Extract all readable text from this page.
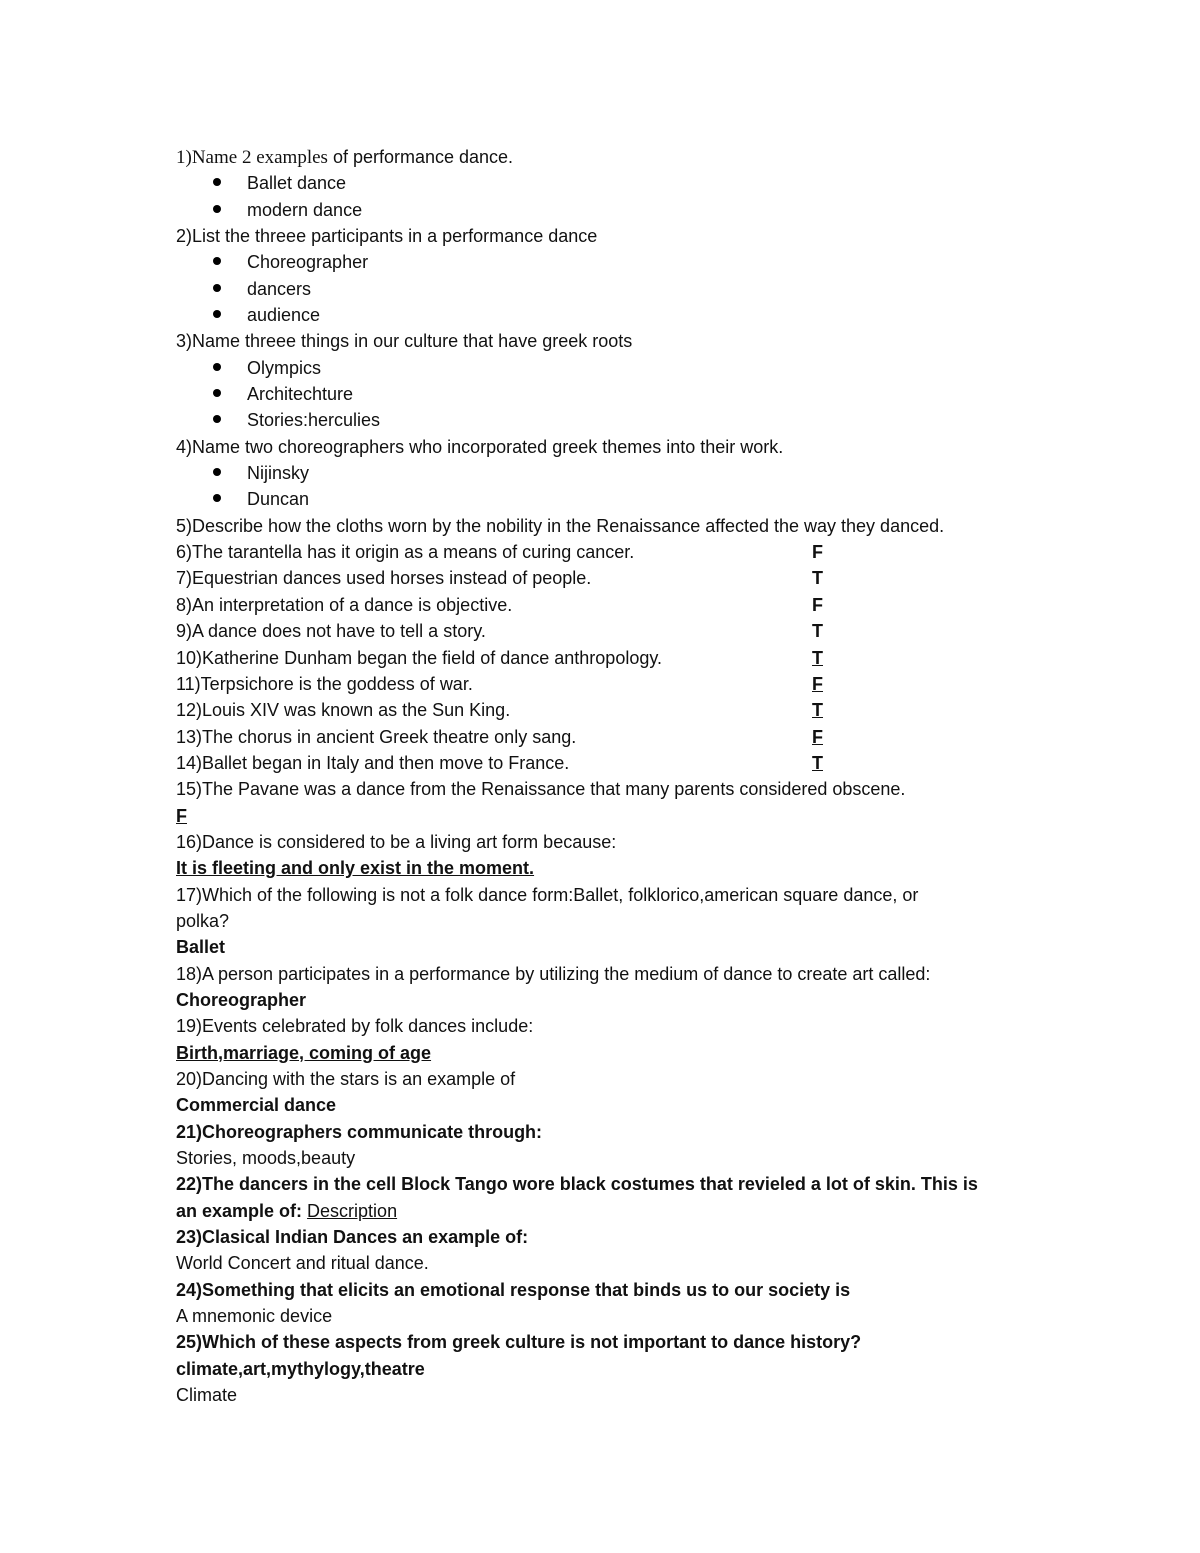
1)Name 2 examples of performance dance.
Ballet dance
modern dance
2)List the threee participants in a performance dance
Choreographer
dancers
audience
3)Name threee things in our culture that have greek roots
Olympics
Architechture
Stories:herculies
4)Name two choreographers who incorporated greek themes into their work.
Nijinsky
Duncan
5)Describe how the cloths worn by the nobility in the Renaissance affected the way they danced.
6)The tarantella has it origin as a means of curing cancer.	F
7)Equestrian dances used horses instead of people.	T
8)An interpretation of a dance is objective.	F
9)A dance does not have to tell a story.	T
10)Katherine Dunham began the field of dance anthropology.	T
11)Terpsichore is the goddess of war.	F
12)Louis XIV was known as the Sun King.	T
13)The chorus in ancient Greek theatre only sang.	F
14)Ballet began in Italy and then move to France.	T
15)The Pavane was a dance from the Renaissance that many parents considered obscene.
F
16)Dance is considered to be a living art form because:
It is fleeting and only exist in the moment.
17)Which of the following is not a folk dance form:Ballet, folklorico,american square dance, or
polka?
Ballet
18)A person participates in a performance by utilizing the medium of dance to create art called:
Choreographer
19)Events celebrated by folk dances include:
Birth,marriage, coming of age
20)Dancing with the stars is an example of
Commercial dance
21)Choreographers communicate through:
Stories, moods,beauty
22)The dancers in the cell Block Tango wore black costumes that revieled a lot of skin. This is
an example of: Description
23)Clasical Indian Dances an example of:
World Concert and ritual dance.
24)Something that elicits an emotional response that binds us to our society is
A mnemonic device
25)Which of these aspects from greek culture is not important to dance history?
climate,art,mythylogy,theatre
Climate
